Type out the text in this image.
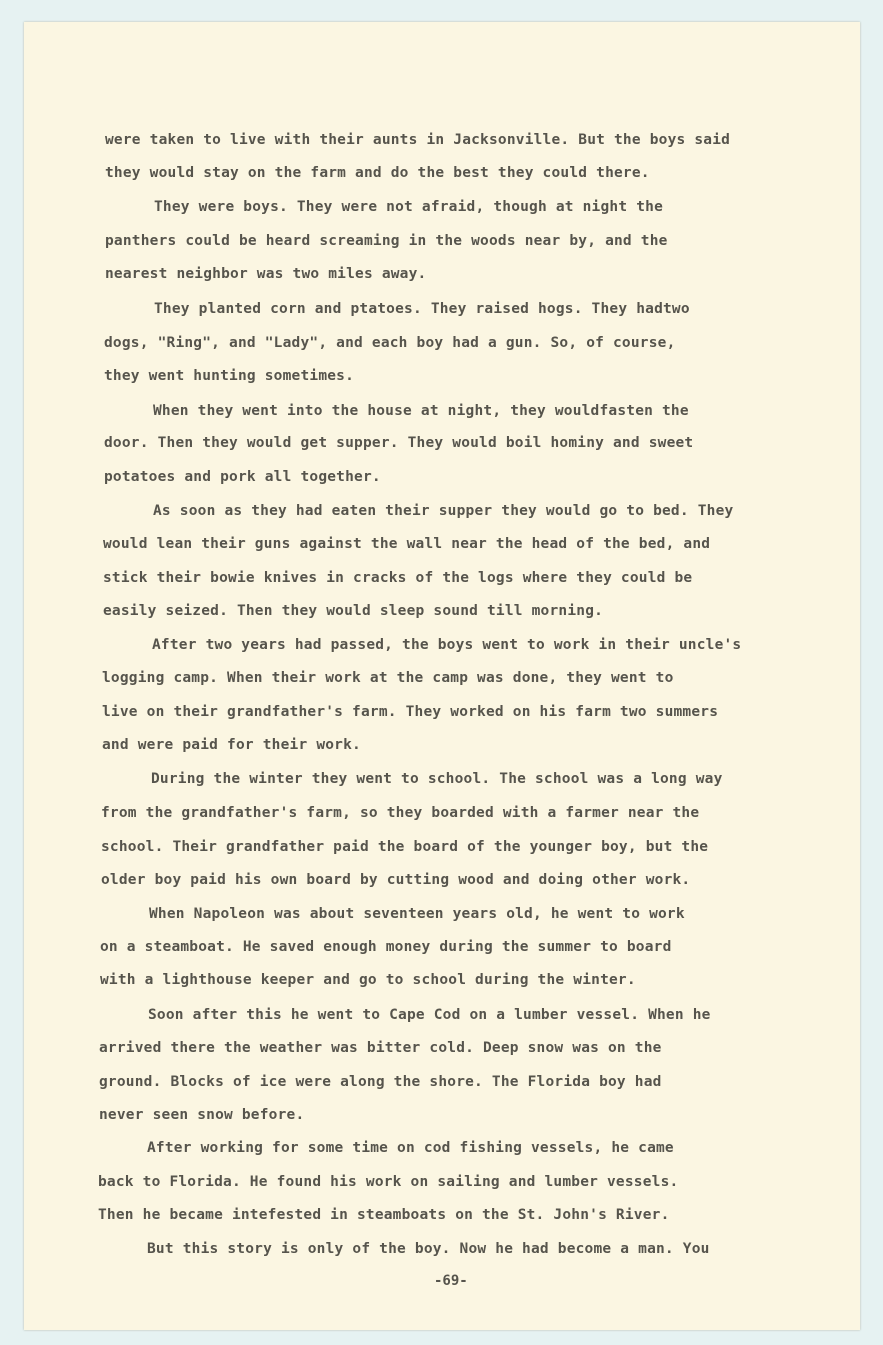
were taken to live with their aunts in Jacksonville. But the boys said
they would stay on the farm and do the best they could there.
They were boys. They were not afraid, though at night the
panthers could be heard screaming in the woods near by, and the
nearest neighbor was two miles away.
They planted corn and ptatoes. They raised hogs. They hadtwo
dogs, "Ring", and "Lady", and each boy had a gun. So, of course,
they went hunting sometimes.
When they went into the house at night, they wouldfasten the
door. Then they would get supper. They would boil hominy and sweet
potatoes and pork all together.
As soon as they had eaten their supper they would go to bed. They
would lean their guns against the wall near the head of the bed, and
stick their bowie knives in cracks of the logs where they could be
easily seized. Then they would sleep sound till morning.
After two years had passed, the boys went to work in their uncle's
logging camp. When their work at the camp was done, they went to
live on their grandfather's farm. They worked on his farm two summers
and were paid for their work.
During the winter they went to school. The school was a long way
from the grandfather's farm, so they boarded with a farmer near the
school. Their grandfather paid the board of the younger boy, but the
older boy paid his own board by cutting wood and doing other work.
When Napoleon was about seventeen years old, he went to work
on a steamboat. He saved enough money during the summer to board
with a lighthouse keeper and go to school during the winter.
Soon after this he went to Cape Cod on a lumber vessel. When he
arrived there the weather was bitter cold. Deep snow was on the
ground. Blocks of ice were along the shore. The Florida boy had
never seen snow before.
After working for some time on cod fishing vessels, he came
back to Florida. He found his work on sailing and lumber vessels.
Then he became intefested in steamboats on the St. John's River.
But this story is only of the boy. Now he had become a man. You
-69-
